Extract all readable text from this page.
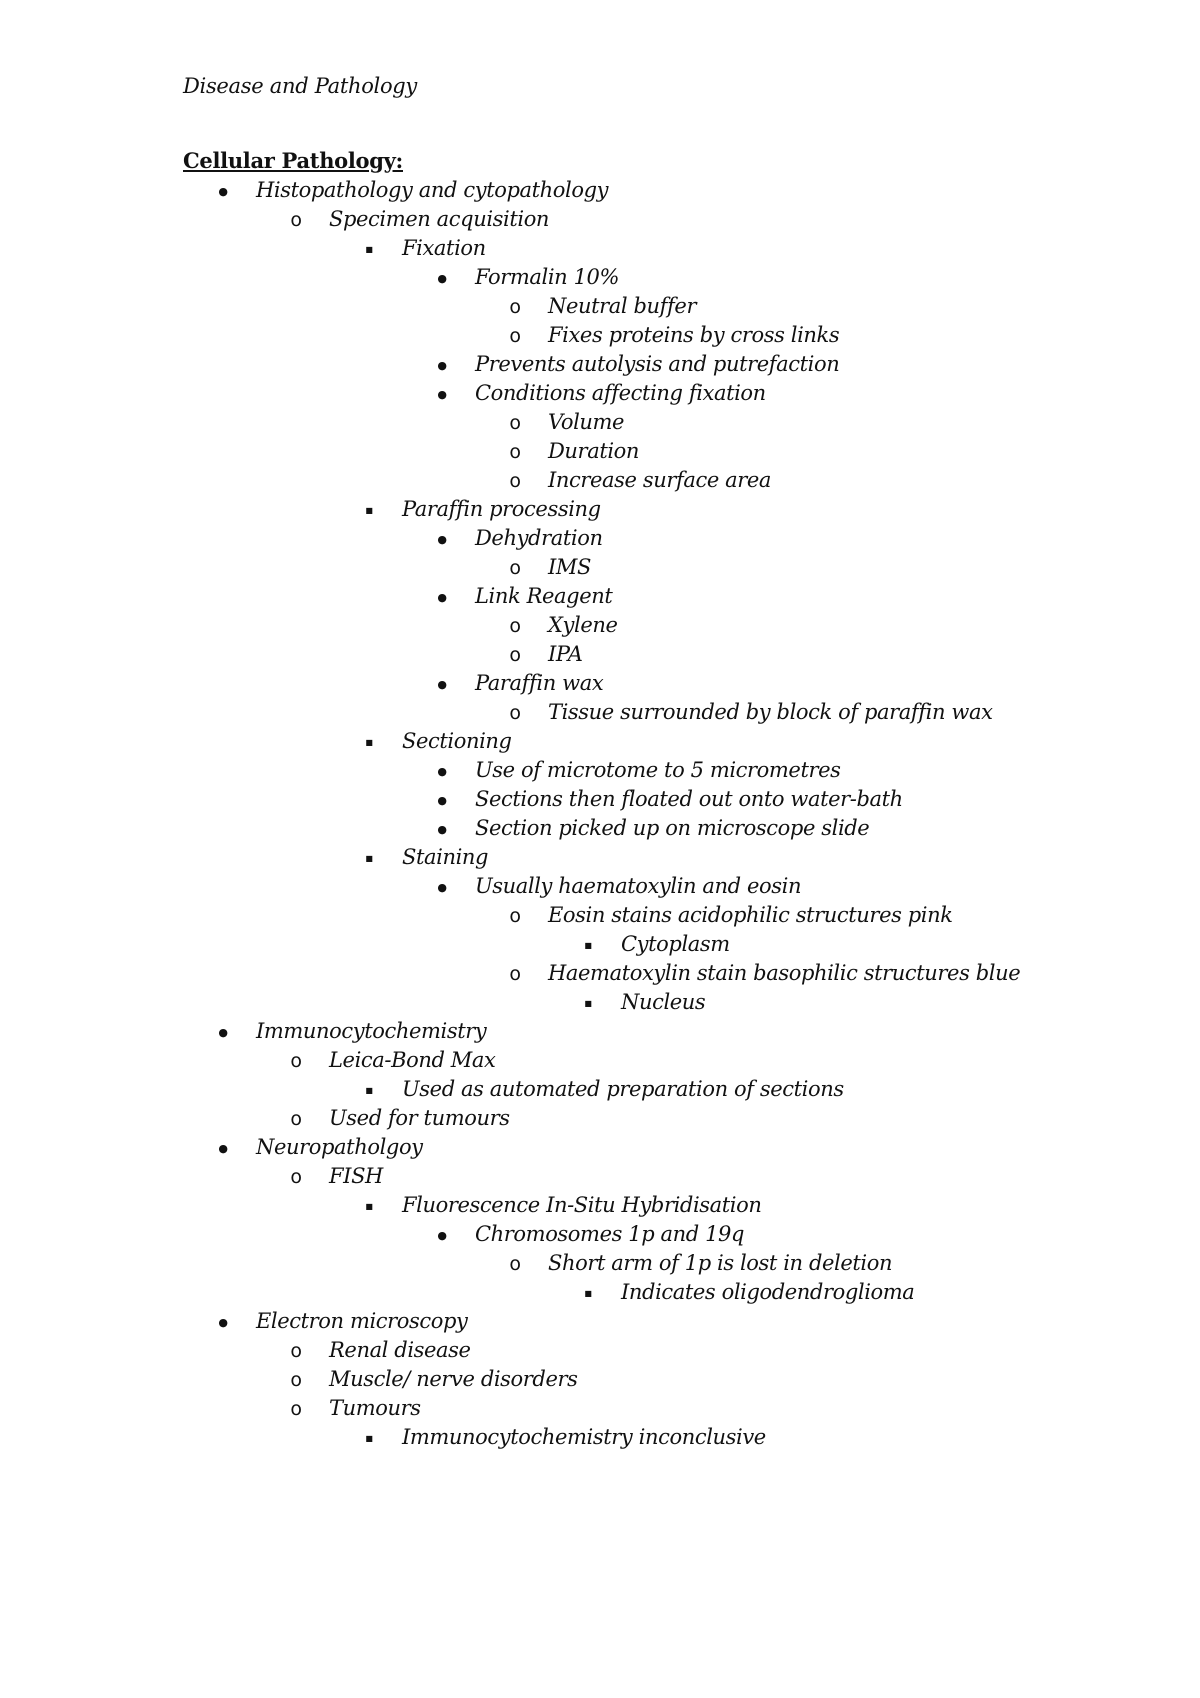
Disease and Pathology
Cellular Pathology:
●
Histopathology and cytopathology
o
Specimen acquisition
■
Fixation
●
Formalin 10%
o
Neutral buffer
o
Fixes proteins by cross links
●
Prevents autolysis and putrefaction
●
Conditions affecting fixation
o
Volume
o
Duration
o
Increase surface area
■
Paraffin processing
●
Dehydration
o
IMS
●
Link Reagent
o
Xylene
o
IPA
●
Paraffin wax
o
Tissue surrounded by block of paraffin wax
■
Sectioning
●
Use of microtome to 5 micrometres
●
Sections then floated out onto water-bath
●
Section picked up on microscope slide
■
Staining
●
Usually haematoxylin and eosin
o
Eosin stains acidophilic structures pink
■
Cytoplasm
o
Haematoxylin stain basophilic structures blue
■
Nucleus
●
Immunocytochemistry
o
Leica-Bond Max
■
Used as automated preparation of sections
o
Used for tumours
●
Neuropatholgoy
o
FISH
■
Fluorescence In-Situ Hybridisation
●
Chromosomes 1p and 19q
o
Short arm of 1p is lost in deletion
■
Indicates oligodendroglioma
●
Electron microscopy
o
Renal disease
o
Muscle/ nerve disorders
o
Tumours
■
Immunocytochemistry inconclusive
